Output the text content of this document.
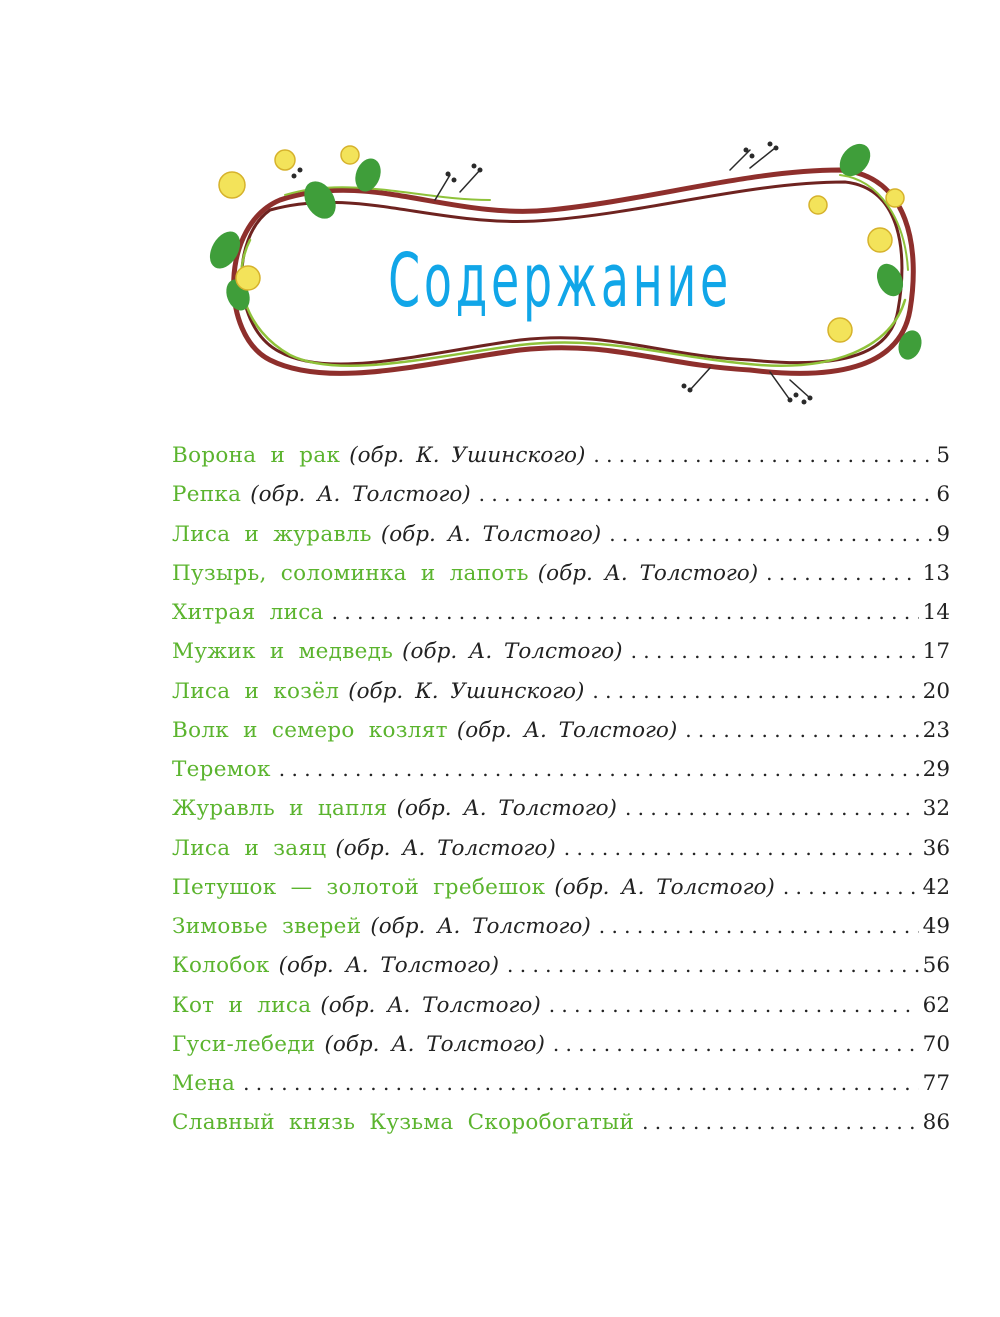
Содержание
Ворона и рак (обр. К. Ушинского) . . .	5
Репка (обр. А. Толстого) . . .	6
Лиса и журавль (обр. А. Толстого) . . .	9
Пузырь, соломинка и лапоть (обр. А. Толстого) . . .	13
Хитрая лиса . . .	14
Мужик и медведь (обр. А. Толстого) . . .	17
Лиса и козёл (обр. К. Ушинского) . . .	20
Волк и семеро козлят (обр. А. Толстого) . . .	23
Теремок . . .	29
Журавль и цапля (обр. А. Толстого) . . .	32
Лиса и заяц (обр. А. Толстого) . . .	36
Петушок — золотой гребешок (обр. А. Толстого) . . .	42
Зимовье зверей (обр. А. Толстого) . . .	49
Колобок (обр. А. Толстого) . . .	56
Кот и лиса (обр. А. Толстого) . . .	62
Гуси-лебеди (обр. А. Толстого) . . .	70
Мена . . .	77
Славный князь Кузьма Скоробогатый . . .	86
